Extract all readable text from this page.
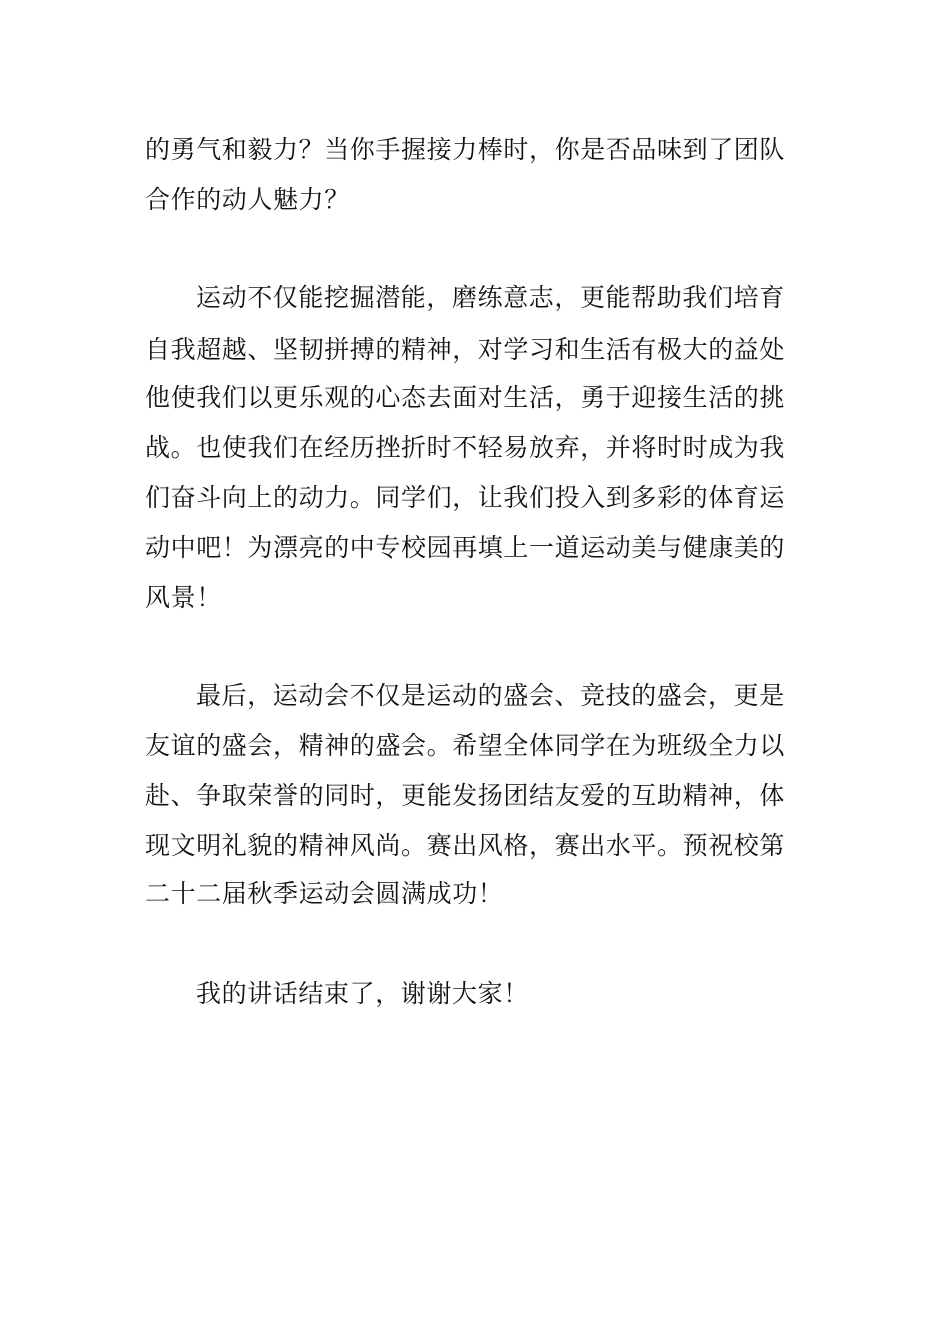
的勇气和毅力？当你手握接力棒时，你是否品味到了团队
合作的动人魅力？
运动不仅能挖掘潜能，磨练意志，更能帮助我们培育
自我超越、坚韧拼搏的精神，对学习和生活有极大的益处
他使我们以更乐观的心态去面对生活，勇于迎接生活的挑
战。也使我们在经历挫折时不轻易放弃，并将时时成为我
们奋斗向上的动力。同学们，让我们投入到多彩的体育运
动中吧！为漂亮的中专校园再填上一道运动美与健康美的
风景！
最后，运动会不仅是运动的盛会、竞技的盛会，更是
友谊的盛会，精神的盛会。希望全体同学在为班级全力以
赴、争取荣誉的同时，更能发扬团结友爱的互助精神，体
现文明礼貌的精神风尚。赛出风格，赛出水平。预祝校第
二十二届秋季运动会圆满成功！
我的讲话结束了，谢谢大家！
